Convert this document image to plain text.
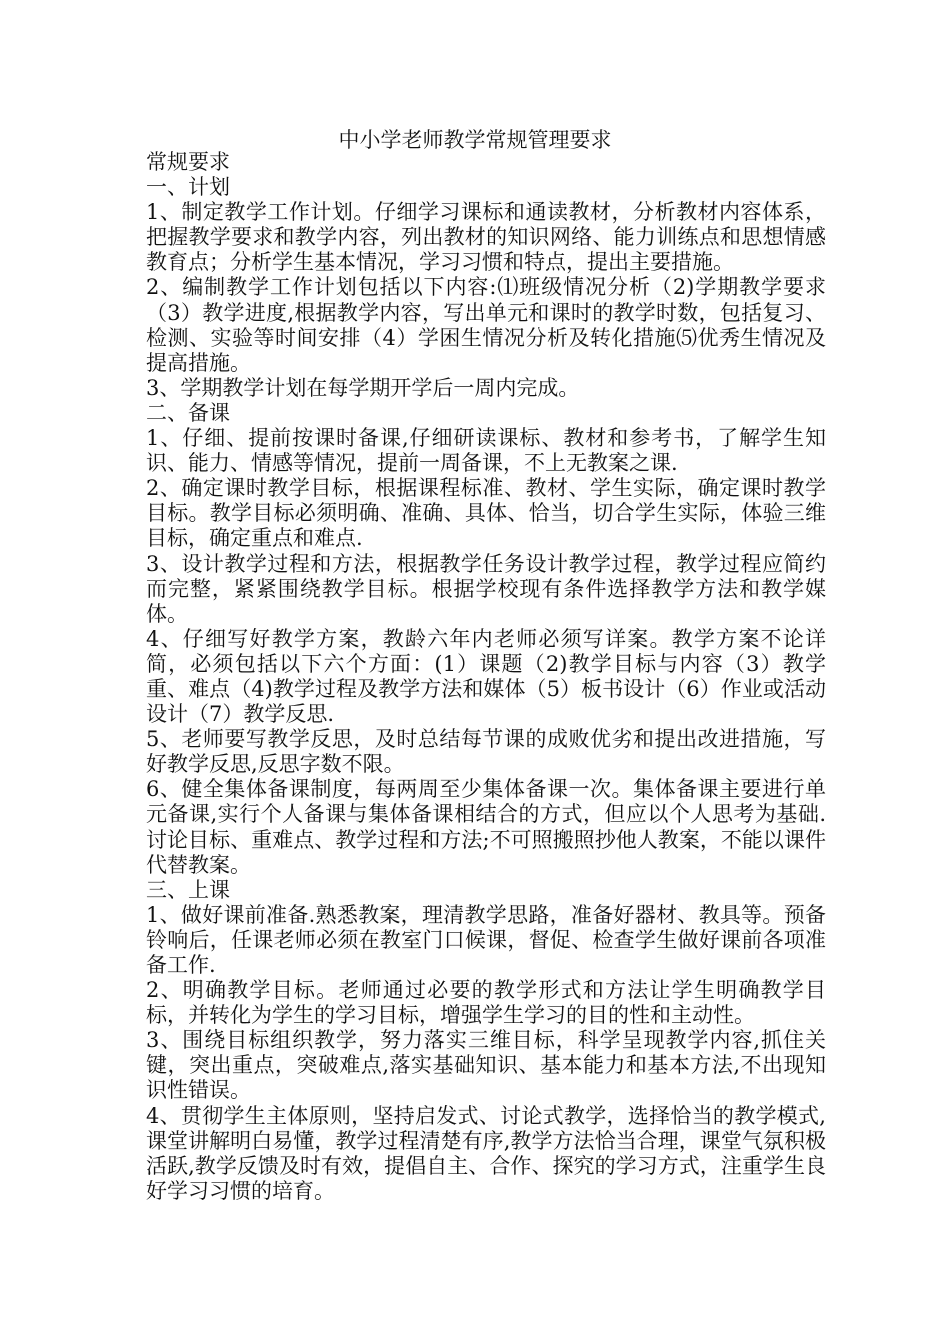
中小学老师教学常规管理要求

常规要求

一、计划

1、制定教学工作计划。仔细学习课标和通读教材，分析教材内容体系，把握教学要求和教学内容，列出教材的知识网络、能力训练点和思想情感教育点；分析学生基本情况，学习习惯和特点，提出主要措施。

2、编制教学工作计划包括以下内容:⑴班级情况分析（2)学期教学要求（3）教学进度,根据教学内容，写出单元和课时的教学时数，包括复习、检测、实验等时间安排（4）学困生情况分析及转化措施⑸优秀生情况及提高措施。

3、学期教学计划在每学期开学后一周内完成。

二、备课

1、仔细、提前按课时备课,仔细研读课标、教材和参考书，了解学生知识、能力、情感等情况，提前一周备课，不上无教案之课.

2、确定课时教学目标，根据课程标准、教材、学生实际，确定课时教学目标。教学目标必须明确、准确、具体、恰当，切合学生实际，体验三维目标，确定重点和难点.

3、设计教学过程和方法，根据教学任务设计教学过程，教学过程应简约而完整，紧紧围绕教学目标。根据学校现有条件选择教学方法和教学媒体。

4、仔细写好教学方案，教龄六年内老师必须写详案。教学方案不论详简，必须包括以下六个方面：(1）课题（2)教学目标与内容（3）教学重、难点（4)教学过程及教学方法和媒体（5）板书设计（6）作业或活动设计（7）教学反思.

5、老师要写教学反思，及时总结每节课的成败优劣和提出改进措施，写好教学反思,反思字数不限。

6、健全集体备课制度，每两周至少集体备课一次。集体备课主要进行单元备课,实行个人备课与集体备课相结合的方式，但应以个人思考为基础.讨论目标、重难点、教学过程和方法;不可照搬照抄他人教案，不能以课件代替教案。

三、上课

1、做好课前准备.熟悉教案，理清教学思路，准备好器材、教具等。预备铃响后，任课老师必须在教室门口候课，督促、检查学生做好课前各项准备工作.

2、明确教学目标。老师通过必要的教学形式和方法让学生明确教学目标，并转化为学生的学习目标，增强学生学习的目的性和主动性。

3、围绕目标组织教学，努力落实三维目标，科学呈现教学内容,抓住关键，突出重点，突破难点,落实基础知识、基本能力和基本方法,不出现知识性错误。

4、贯彻学生主体原则，坚持启发式、讨论式教学，选择恰当的教学模式,课堂讲解明白易懂，教学过程清楚有序,教学方法恰当合理，课堂气氛积极活跃,教学反馈及时有效，提倡自主、合作、探究的学习方式，注重学生良好学习习惯的培育。
